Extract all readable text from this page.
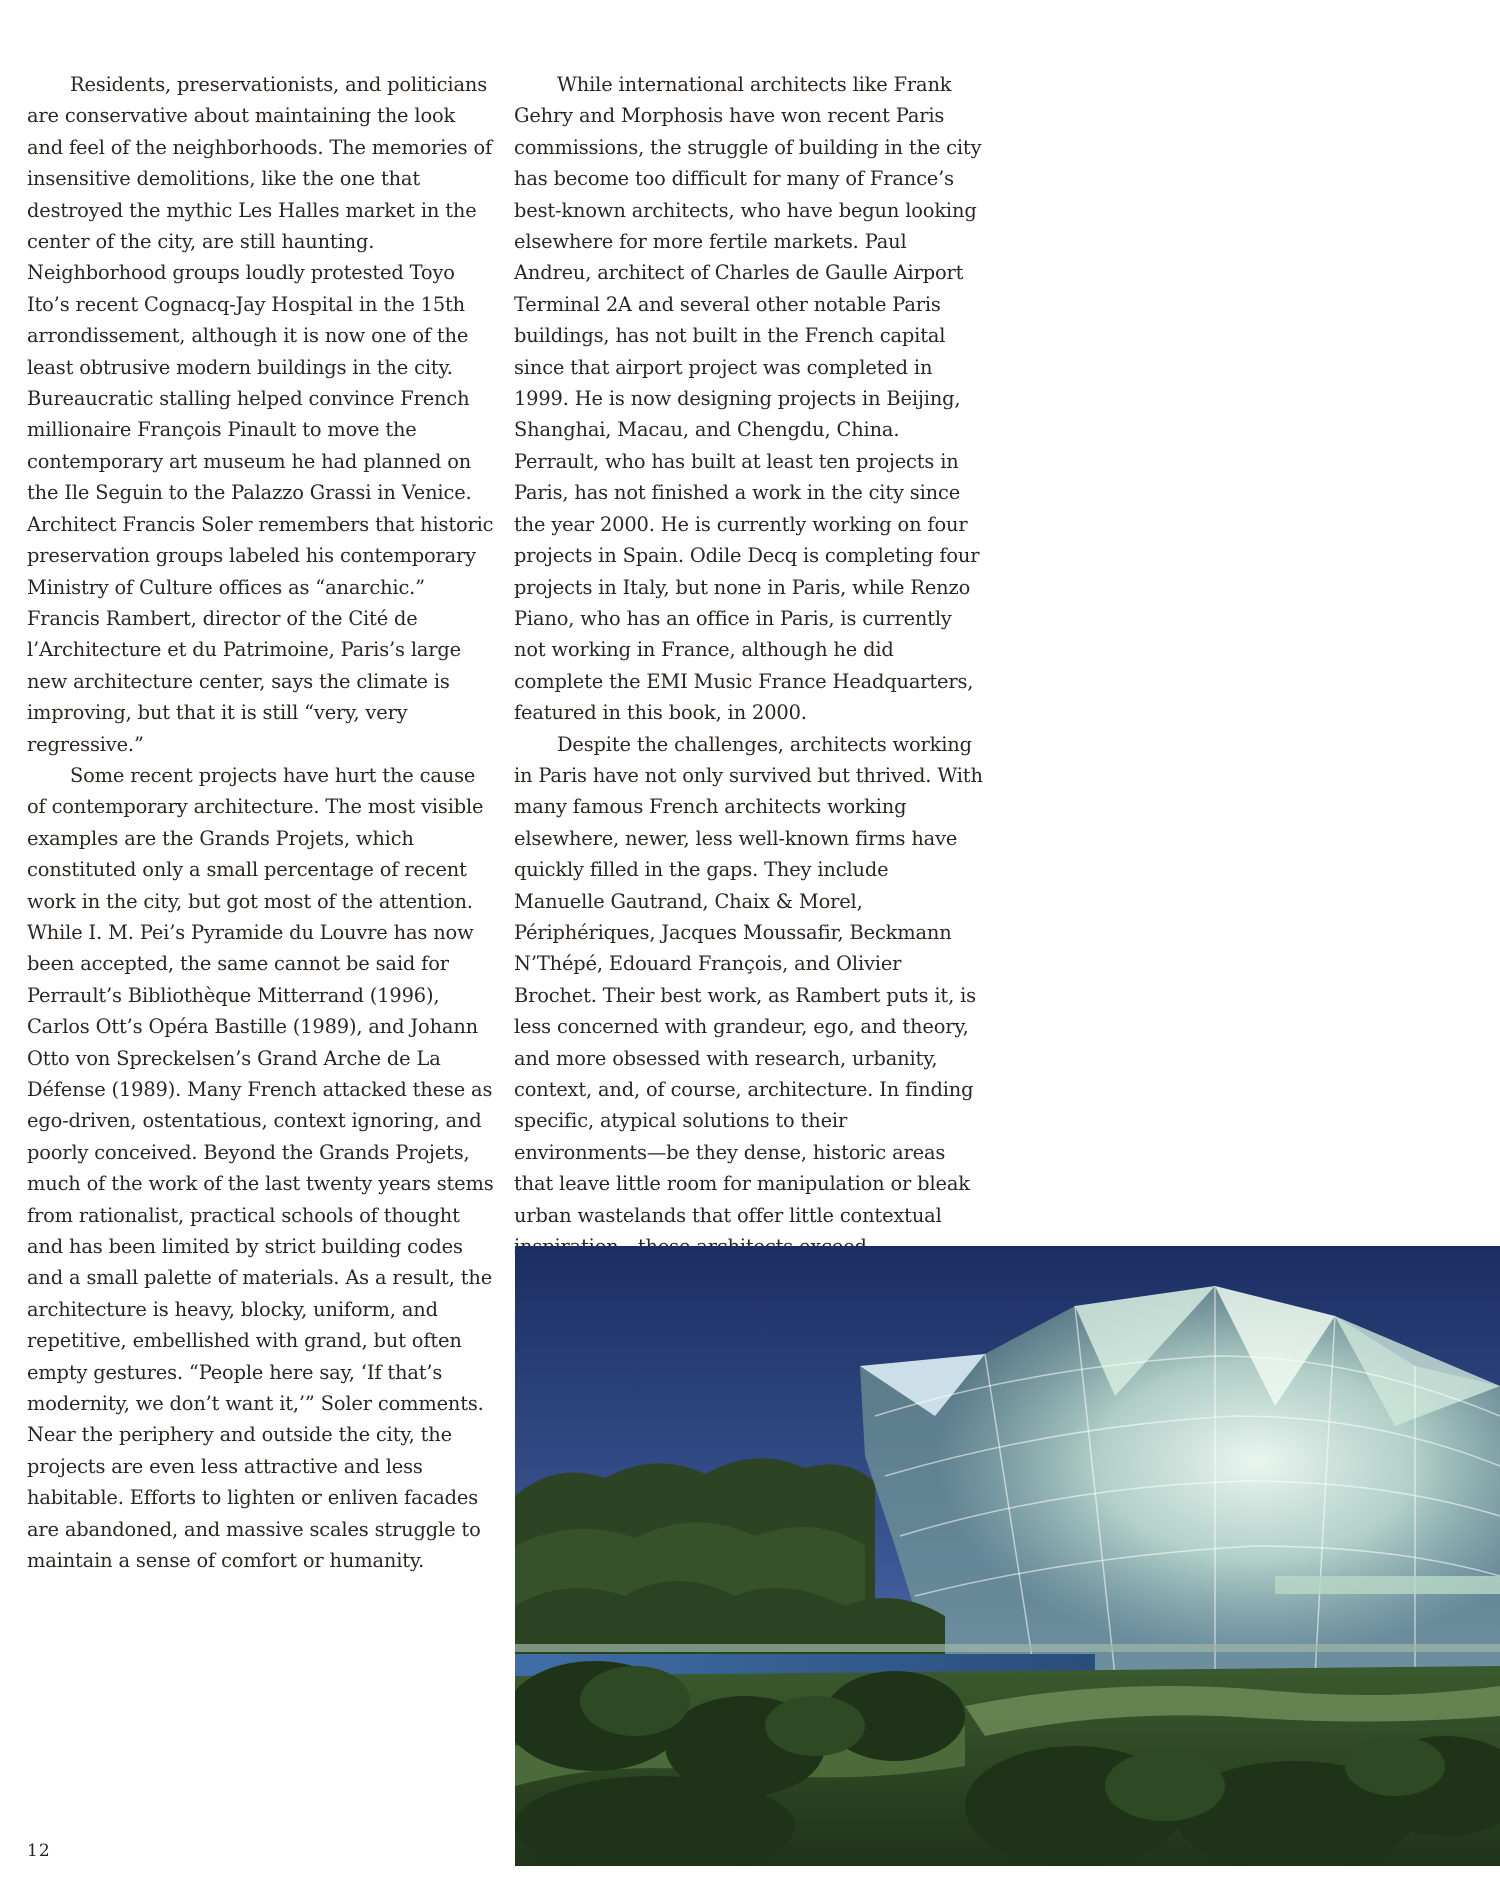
Residents, preservationists, and politicians are conservative about maintaining the look and feel of the neighborhoods. The memories of insensitive demolitions, like the one that destroyed the mythic Les Halles market in the center of the city, are still haunting. Neighborhood groups loudly protested Toyo Ito’s recent Cognacq-Jay Hospital in the 15th arrondissement, although it is now one of the least obtrusive modern buildings in the city. Bureaucratic stalling helped convince French millionaire François Pinault to move the contemporary art museum he had planned on the Ile Seguin to the Palazzo Grassi in Venice. Architect Francis Soler remembers that historic preservation groups labeled his contemporary Ministry of Culture offices as “anarchic.” Francis Rambert, director of the Cité de l’Architecture et du Patrimoine, Paris’s large new architecture center, says the climate is improving, but that it is still “very, very regressive.”

Some recent projects have hurt the cause of contemporary architecture. The most visible examples are the Grands Projets, which constituted only a small percentage of recent work in the city, but got most of the attention. While I. M. Pei’s Pyramide du Louvre has now been accepted, the same cannot be said for Perrault’s Bibliothèque Mitterrand (1996), Carlos Ott’s Opéra Bastille (1989), and Johann Otto von Spreckelsen’s Grand Arche de La Défense (1989). Many French attacked these as ego-driven, ostentatious, context ignoring, and poorly conceived. Beyond the Grands Projets, much of the work of the last twenty years stems from rationalist, practical schools of thought and has been limited by strict building codes and a small palette of materials. As a result, the architecture is heavy, blocky, uniform, and repetitive, embellished with grand, but often empty gestures. “People here say, ‘If that’s modernity, we don’t want it,’” Soler comments. Near the periphery and outside the city, the projects are even less attractive and less habitable. Efforts to lighten or enliven facades are abandoned, and massive scales struggle to maintain a sense of comfort or humanity.

While international architects like Frank Gehry and Morphosis have won recent Paris commissions, the struggle of building in the city has become too difficult for many of France’s best-known architects, who have begun looking elsewhere for more fertile markets. Paul Andreu, architect of Charles de Gaulle Airport Terminal 2A and several other notable Paris buildings, has not built in the French capital since that airport project was completed in 1999. He is now designing projects in Beijing, Shanghai, Macau, and Chengdu, China. Perrault, who has built at least ten projects in Paris, has not finished a work in the city since the year 2000. He is currently working on four projects in Spain. Odile Decq is completing four projects in Italy, but none in Paris, while Renzo Piano, who has an office in Paris, is currently not working in France, although he did complete the EMI Music France Headquarters, featured in this book, in 2000.

Despite the challenges, architects working in Paris have not only survived but thrived. With many famous French architects working elsewhere, newer, less well-known firms have quickly filled in the gaps. They include Manuelle Gautrand, Chaix & Morel, Périphériques, Jacques Moussafir, Beckmann N’Thépé, Edouard François, and Olivier Brochet. Their best work, as Rambert puts it, is less concerned with grandeur, ego, and theory, and more obsessed with research, urbanity, context, and, of course, architecture. In finding specific, atypical solutions to their environments—be they dense, historic areas that leave little room for manipulation or bleak urban wastelands that offer little contextual

12
